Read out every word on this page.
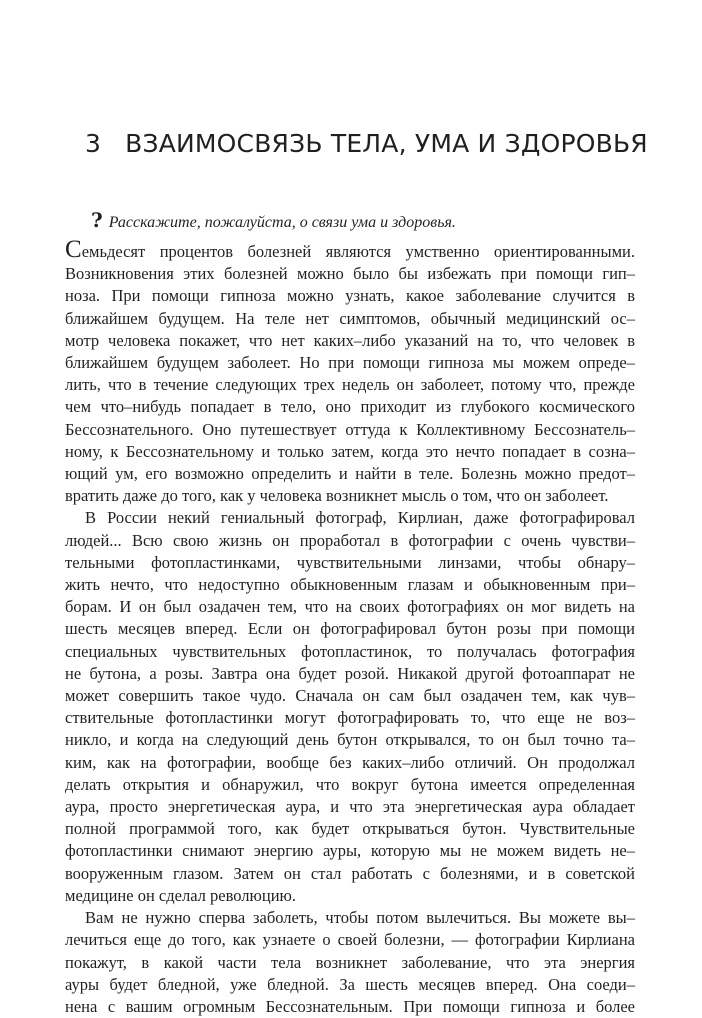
3 ВЗАИМОСВЯЗЬ ТЕЛА, УМА И ЗДОРОВЬЯ
? Расскажите, пожалуйста, о связи ума и здоровья.
Семьдесят процентов болезней являются умственно ориентированными.
Возникновения этих болезней можно было бы избежать при помощи гип–
ноза. При помощи гипноза можно узнать, какое заболевание случится в
ближайшем будущем. На теле нет симптомов, обычный медицинский ос–
мотр человека покажет, что нет каких–либо указаний на то, что человек в
ближайшем будущем заболеет. Но при помощи гипноза мы можем опреде–
лить, что в течение следующих трех недель он заболеет, потому что, прежде
чем что–нибудь попадает в тело, оно приходит из глубокого космического
Бессознательного. Оно путешествует оттуда к Коллективному Бессознатель–
ному, к Бессознательному и только затем, когда это нечто попадает в созна–
ющий ум, его возможно определить и найти в теле. Болезнь можно предот–
вратить даже до того, как у человека возникнет мысль о том, что он заболеет.
В России некий гениальный фотограф, Кирлиан, даже фотографировал
людей... Всю свою жизнь он проработал в фотографии с очень чувстви–
тельными фотопластинками, чувствительными линзами, чтобы обнару–
жить нечто, что недоступно обыкновенным глазам и обыкновенным при–
борам. И он был озадачен тем, что на своих фотографиях он мог видеть на
шесть месяцев вперед. Если он фотографировал бутон розы при помощи
специальных чувствительных фотопластинок, то получалась фотография
не бутона, а розы. Завтра она будет розой. Никакой другой фотоаппарат не
может совершить такое чудо. Сначала он сам был озадачен тем, как чув–
ствительные фотопластинки могут фотографировать то, что еще не воз–
никло, и когда на следующий день бутон открывался, то он был точно та–
ким, как на фотографии, вообще без каких–либо отличий. Он продолжал
делать открытия и обнаружил, что вокруг бутона имеется определенная
аура, просто энергетическая аура, и что эта энергетическая аура обладает
полной программой того, как будет открываться бутон. Чувствительные
фотопластинки снимают энергию ауры, которую мы не можем видеть не–
вооруженным глазом. Затем он стал работать с болезнями, и в советской
медицине он сделал революцию.
Вам не нужно сперва заболеть, чтобы потом вылечиться. Вы можете вы–
лечиться еще до того, как узнаете о своей болезни, — фотографии Кирлиана
покажут, в какой части тела возникнет заболевание, что эта энергия
ауры будет бледной, уже бледной. За шесть месяцев вперед. Она соеди–
нена с вашим огромным Бессознательным. При помощи гипноза и более
